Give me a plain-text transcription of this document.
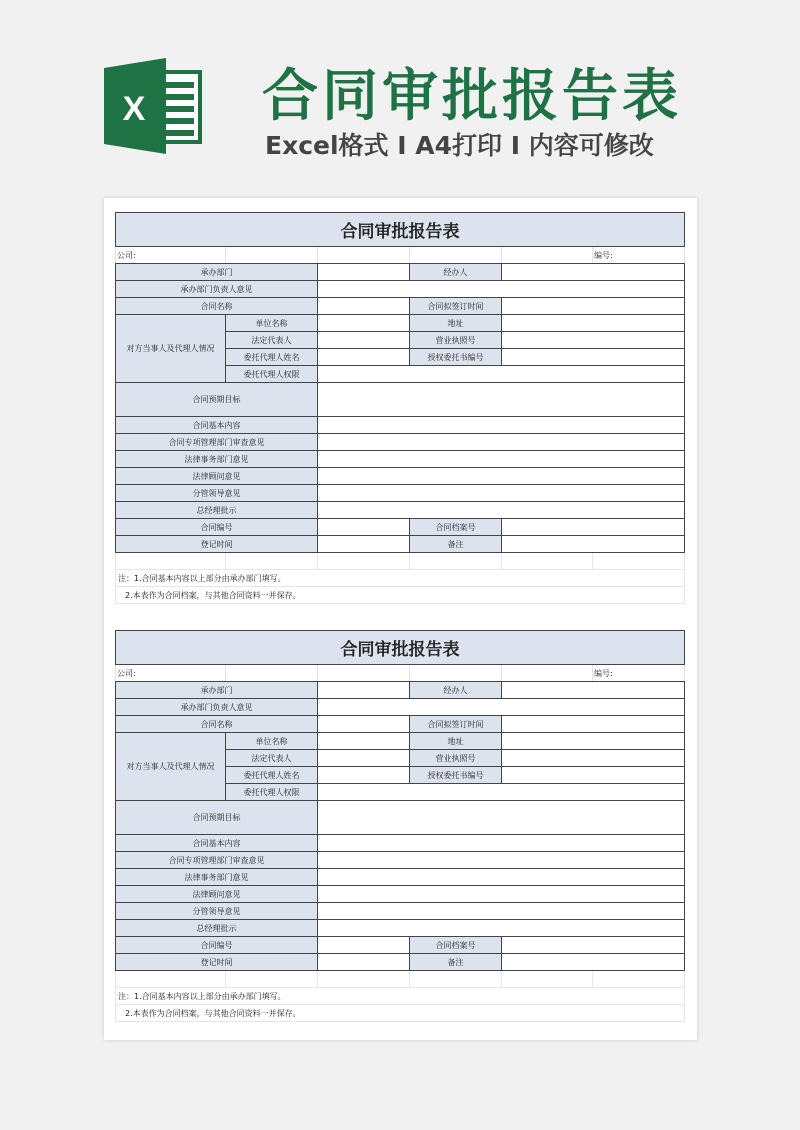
X 合同审批报告表
Excel格式 Ⅰ A4打印 Ⅰ 内容可修改
合同审批报告表					
公司:					编号:
承办部门			经办人		
承办部门负责人意见					
合同名称			合同拟签订时间		
对方当事人及代理人情况	单位名称		地址		
	法定代表人		营业执照号		
	委托代理人姓名		授权委托书编号		
	委托代理人权限				
合同预期目标					
合同基本内容					
合同专项管理部门审查意见					
法律事务部门意见					
法律顾问意见					
分管领导意见					
总经理批示					
合同编号			合同档案号		
登记时间			备注		

注：1.合同基本内容以上部分由承办部门填写。					
2.本表作为合同档案，与其他合同资料一并保存。					
合同审批报告表					
公司:					编号:
承办部门			经办人		
承办部门负责人意见					
合同名称			合同拟签订时间		
对方当事人及代理人情况	单位名称		地址		
	法定代表人		营业执照号		
	委托代理人姓名		授权委托书编号		
	委托代理人权限				
合同预期目标					
合同基本内容					
合同专项管理部门审查意见					
法律事务部门意见					
法律顾问意见					
分管领导意见					
总经理批示					
合同编号			合同档案号		
登记时间			备注		

注：1.合同基本内容以上部分由承办部门填写。					
2.本表作为合同档案，与其他合同资料一并保存。					
